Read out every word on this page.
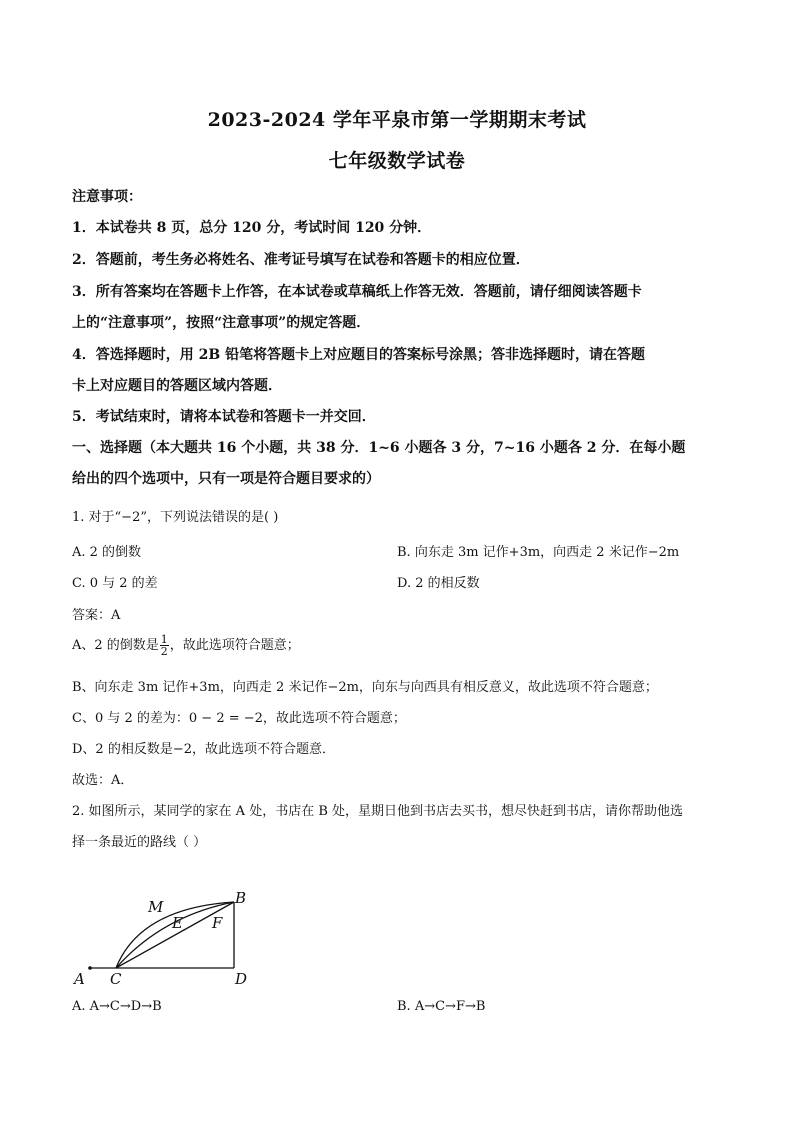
2023-2024 学年平泉市第一学期期末考试
七年级数学试卷
注意事项：
1．本试卷共 8 页，总分 120 分，考试时间 120 分钟．
2．答题前，考生务必将姓名、准考证号填写在试卷和答题卡的相应位置．
3．所有答案均在答题卡上作答，在本试卷或草稿纸上作答无效．答题前，请仔细阅读答题卡
上的“注意事项”，按照“注意事项”的规定答题．
4．答选择题时，用 2B 铅笔将答题卡上对应题目的答案标号涂黑；答非选择题时，请在答题
卡上对应题目的答题区域内答题．
5．考试结束时，请将本试卷和答题卡一并交回．
一、选择题（本大题共 16 个小题，共 38 分．1~6 小题各 3 分，7~16 小题各 2 分．在每小题
给出的四个选项中，只有一项是符合题目要求的）
1. 对于“−2”，下列说法错误的是( )
A. 2 的倒数	B. 向东走 3m 记作+3m，向西走 2 米记作−2m
C. 0 与 2 的差	D. 2 的相反数
答案：A
A、2 的倒数是 $\frac{1}{2}$ ，故此选项符合题意；
B、向东走 3m 记作+3m，向西走 2 米记作−2m，向东与向西具有相反意义，故此选项不符合题意；
C、0 与 2 的差为：0 − 2 = −2，故此选项不符合题意；
D、2 的相反数是−2，故此选项不符合题意．
故选：A．
2. 如图所示，某同学的家在 A 处，书店在 B 处，星期日他到书店去买书，想尽快赶到书店，请你帮助他选
择一条最近的路线（ ）
A C	D
B
M
E F
A. A→C→D→B	B. A→C→F→B
